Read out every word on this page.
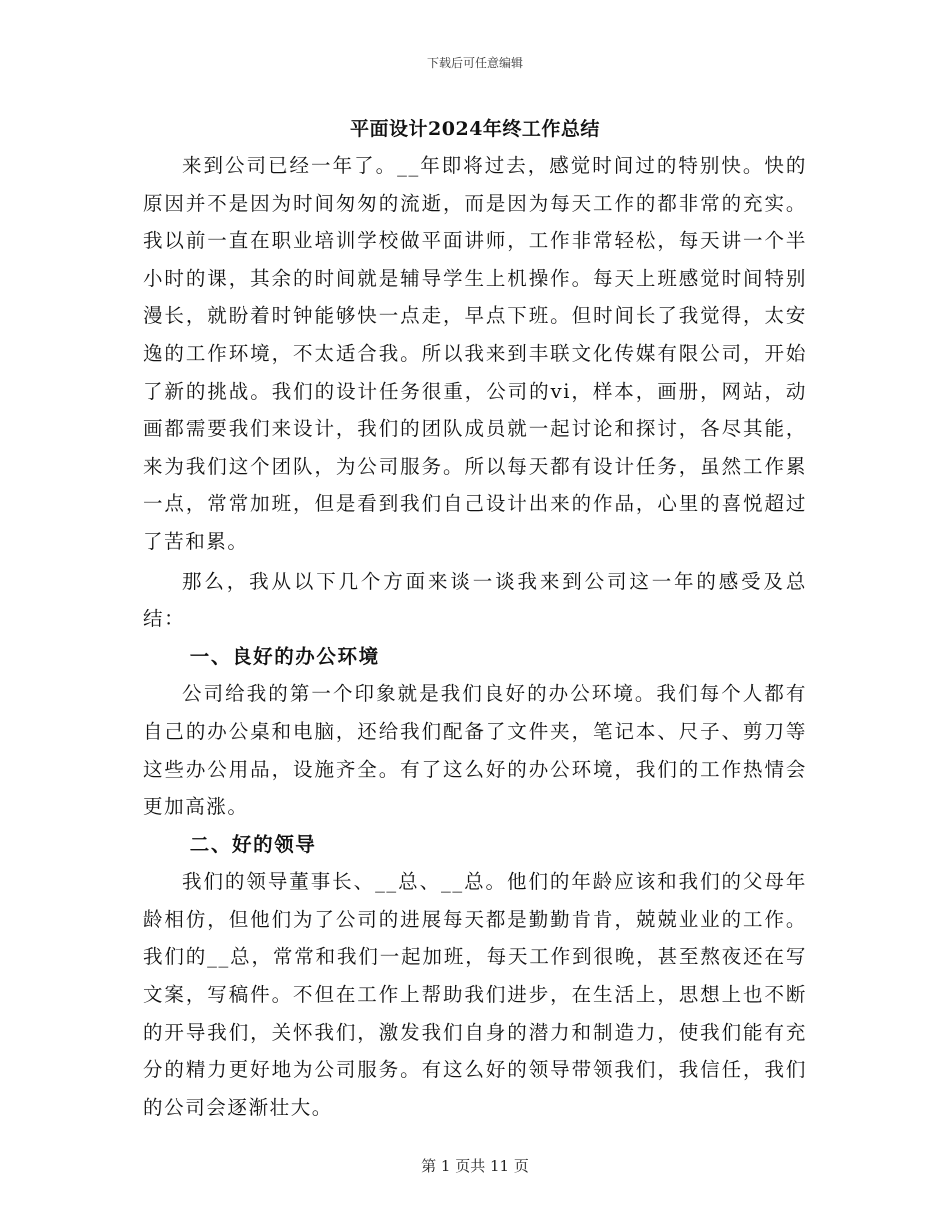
下载后可任意编辑
平面设计2024年终工作总结

来到公司已经一年了。__年即将过去，感觉时间过的特别快。快的原因并不是因为时间匆匆的流逝，而是因为每天工作的都非常的充实。我以前一直在职业培训学校做平面讲师，工作非常轻松，每天讲一个半小时的课，其余的时间就是辅导学生上机操作。每天上班感觉时间特别漫长，就盼着时钟能够快一点走，早点下班。但时间长了我觉得，太安逸的工作环境，不太适合我。所以我来到丰联文化传媒有限公司，开始了新的挑战。我们的设计任务很重，公司的vi，样本，画册，网站，动画都需要我们来设计，我们的团队成员就一起讨论和探讨，各尽其能，来为我们这个团队，为公司服务。所以每天都有设计任务，虽然工作累一点，常常加班，但是看到我们自己设计出来的作品，心里的喜悦超过了苦和累。

那么，我从以下几个方面来谈一谈我来到公司这一年的感受及总结：

一、良好的办公环境

公司给我的第一个印象就是我们良好的办公环境。我们每个人都有自己的办公桌和电脑，还给我们配备了文件夹，笔记本、尺子、剪刀等这些办公用品，设施齐全。有了这么好的办公环境，我们的工作热情会更加高涨。

二、好的领导

我们的领导董事长、__总、__总。他们的年龄应该和我们的父母年龄相仿，但他们为了公司的进展每天都是勤勤肯肯，兢兢业业的工作。我们的__总，常常和我们一起加班，每天工作到很晚，甚至熬夜还在写文案，写稿件。不但在工作上帮助我们进步，在生活上，思想上也不断的开导我们，关怀我们，激发我们自身的潜力和制造力，使我们能有充分的精力更好地为公司服务。有这么好的领导带领我们，我信任，我们的公司会逐渐壮大。

第 1 页共 11 页
